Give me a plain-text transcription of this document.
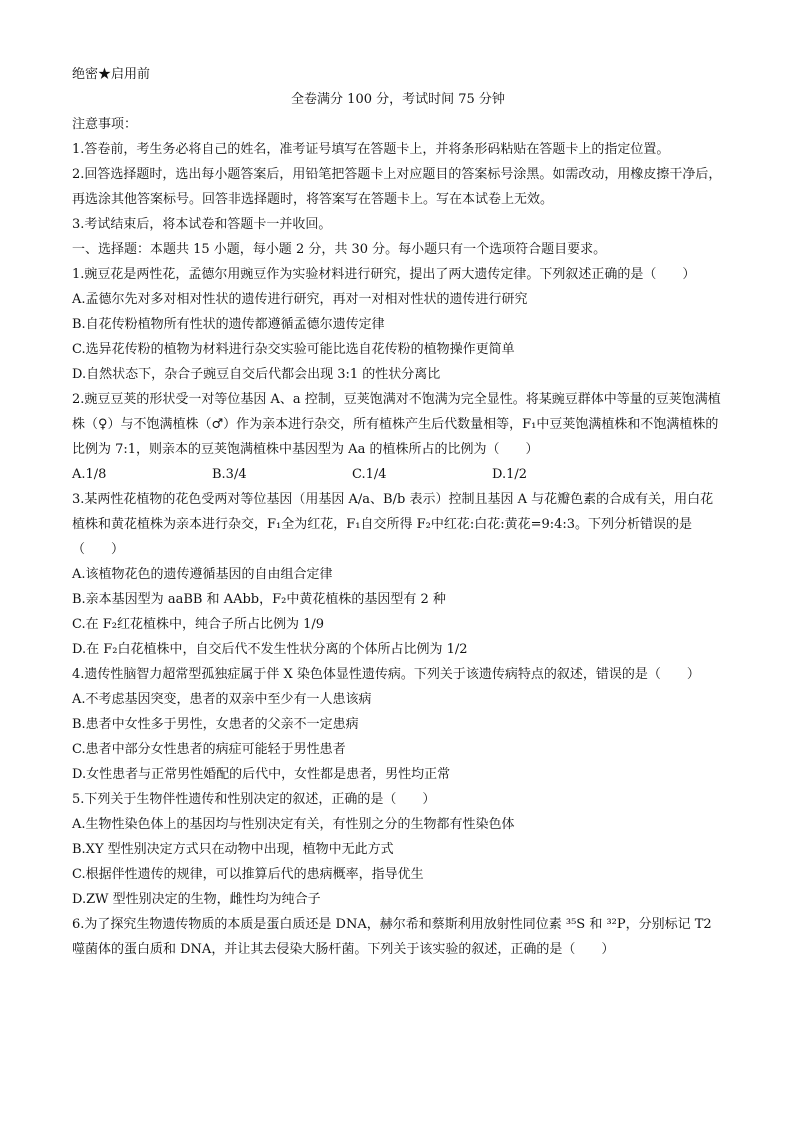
绝密★启用前
全卷满分 100 分，考试时间 75 分钟
注意事项：
1.答卷前，考生务必将自己的姓名，准考证号填写在答题卡上，并将条形码粘贴在答题卡上的指定位置。
2.回答选择题时，选出每小题答案后，用铅笔把答题卡上对应题目的答案标号涂黑。如需改动，用橡皮擦干净后，再选涂其他答案标号。回答非选择题时，将答案写在答题卡上。写在本试卷上无效。
3.考试结束后，将本试卷和答题卡一并收回。
一、选择题：本题共 15 小题，每小题 2 分，共 30 分。每小题只有一个选项符合题目要求。
1.豌豆花是两性花，孟德尔用豌豆作为实验材料进行研究，提出了两大遗传定律。下列叙述正确的是（　　）
A.孟德尔先对多对相对性状的遗传进行研究，再对一对相对性状的遗传进行研究
B.自花传粉植物所有性状的遗传都遵循孟德尔遗传定律
C.选异花传粉的植物为材料进行杂交实验可能比选自花传粉的植物操作更简单
D.自然状态下，杂合子豌豆自交后代都会出现 3:1 的性状分离比
2.豌豆豆荚的形状受一对等位基因 A、a 控制，豆荚饱满对不饱满为完全显性。将某豌豆群体中等量的豆荚饱满植株（♀）与不饱满植株（♂）作为亲本进行杂交，所有植株产生后代数量相等，F₁中豆荚饱满植株和不饱满植株的比例为 7:1，则亲本的豆荚饱满植株中基因型为 Aa 的植株所占的比例为（　　）
A.1/8	B.3/4	C.1/4	D.1/2
3.某两性花植物的花色受两对等位基因（用基因 A/a、B/b 表示）控制且基因 A 与花瓣色素的合成有关，用白花植株和黄花植株为亲本进行杂交，F₁全为红花，F₁自交所得 F₂中红花:白花:黄花=9:4:3。下列分析错误的是（　　）
A.该植物花色的遗传遵循基因的自由组合定律
B.亲本基因型为 aaBB 和 AAbb，F₂中黄花植株的基因型有 2 种
C.在 F₂红花植株中，纯合子所占比例为 1/9
D.在 F₂白花植株中，自交后代不发生性状分离的个体所占比例为 1/2
4.遗传性脑智力超常型孤独症属于伴 X 染色体显性遗传病。下列关于该遗传病特点的叙述，错误的是（　　）
A.不考虑基因突变，患者的双亲中至少有一人患该病
B.患者中女性多于男性，女患者的父亲不一定患病
C.患者中部分女性患者的病症可能轻于男性患者
D.女性患者与正常男性婚配的后代中，女性都是患者，男性均正常
5.下列关于生物伴性遗传和性别决定的叙述，正确的是（　　）
A.生物性染色体上的基因均与性别决定有关，有性别之分的生物都有性染色体
B.XY 型性别决定方式只在动物中出现，植物中无此方式
C.根据伴性遗传的规律，可以推算后代的患病概率，指导优生
D.ZW 型性别决定的生物，雌性均为纯合子
6.为了探究生物遗传物质的本质是蛋白质还是 DNA，赫尔希和蔡斯利用放射性同位素 ³⁵S 和 ³²P，分别标记 T2 噬菌体的蛋白质和 DNA，并让其去侵染大肠杆菌。下列关于该实验的叙述，正确的是（　　）
